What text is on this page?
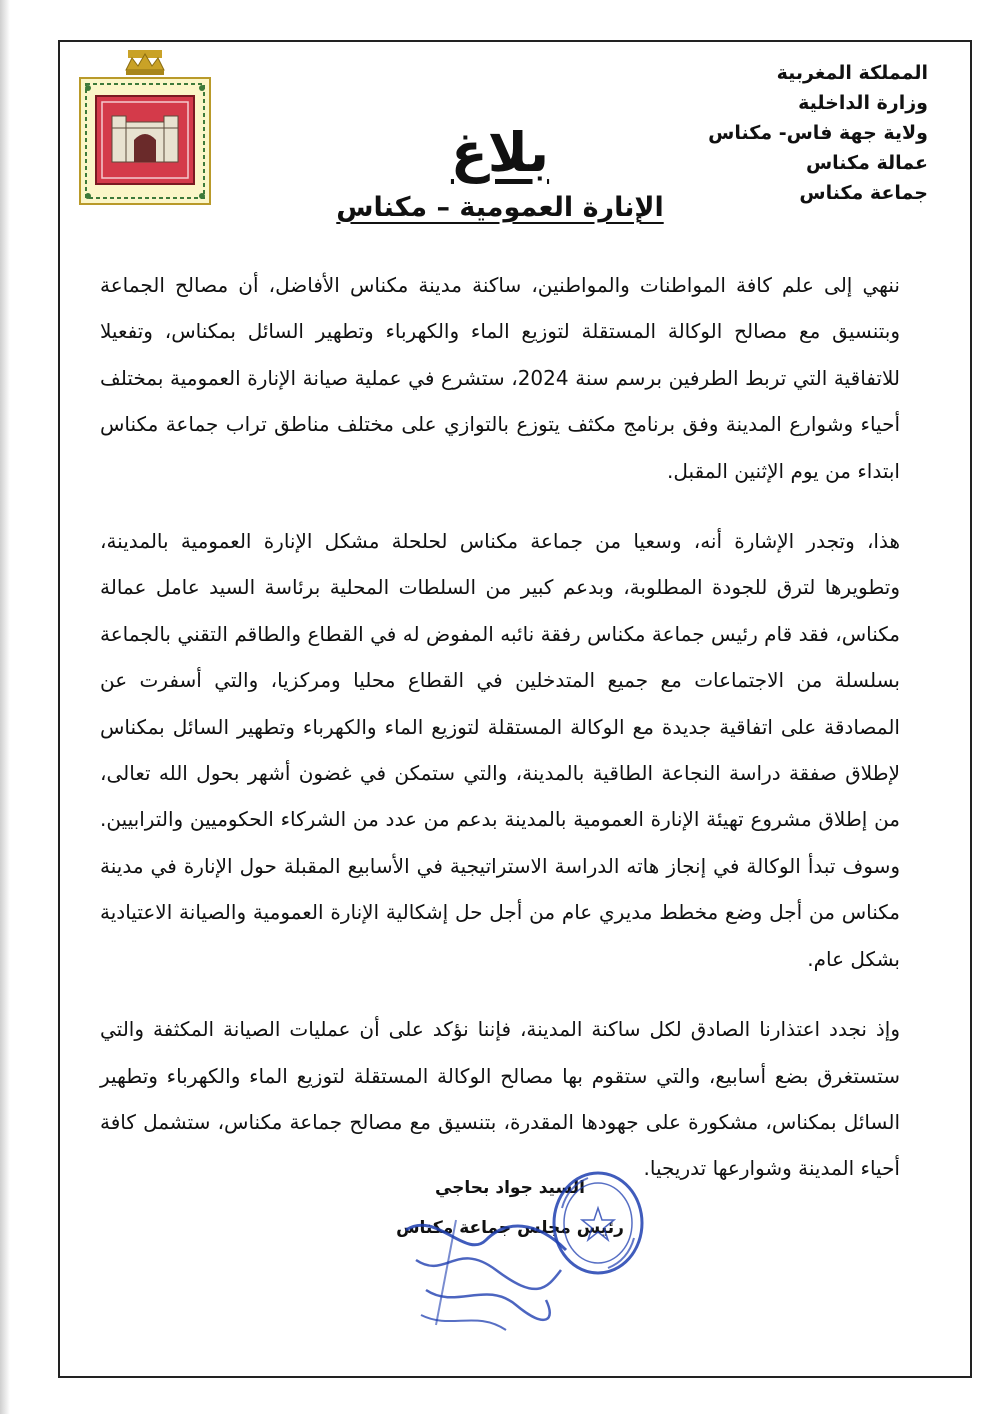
المملكة المغربية
وزارة الداخلية
ولاية جهة فاس- مكناس
عمالة مكناس
جماعة مكناس
بلاغ
الإنارة العمومية – مكناس

ننهي إلى علم كافة المواطنات والمواطنين، ساكنة مدينة مكناس الأفاضل، أن مصالح الجماعة وبتنسيق مع مصالح الوكالة المستقلة لتوزيع الماء والكهرباء وتطهير السائل بمكناس، وتفعيلا للاتفاقية التي تربط الطرفين برسم سنة 2024، ستشرع في عملية صيانة الإنارة العمومية بمختلف أحياء وشوارع المدينة وفق برنامج مكثف يتوزع بالتوازي على مختلف مناطق تراب جماعة مكناس ابتداء من يوم الإثنين المقبل.

هذا، وتجدر الإشارة أنه، وسعيا من جماعة مكناس لحلحلة مشكل الإنارة العمومية بالمدينة، وتطويرها لترق للجودة المطلوبة، وبدعم كبير من السلطات المحلية برئاسة السيد عامل عمالة مكناس، فقد قام رئيس جماعة مكناس رفقة نائبه المفوض له في القطاع والطاقم التقني بالجماعة بسلسلة من الاجتماعات مع جميع المتدخلين في القطاع محليا ومركزيا، والتي أسفرت عن المصادقة على اتفاقية جديدة مع الوكالة المستقلة لتوزيع الماء والكهرباء وتطهير السائل بمكناس لإطلاق صفقة دراسة النجاعة الطاقية بالمدينة، والتي ستمكن في غضون أشهر بحول الله تعالى، من إطلاق مشروع تهيئة الإنارة العمومية بالمدينة بدعم من عدد من الشركاء الحكوميين والترابيين. وسوف تبدأ الوكالة في إنجاز هاته الدراسة الاستراتيجية في الأسابيع المقبلة حول الإنارة في مدينة مكناس من أجل وضع مخطط مديري عام من أجل حل إشكالية الإنارة العمومية والصيانة الاعتيادية بشكل عام.

وإذ نجدد اعتذارنا الصادق لكل ساكنة المدينة، فإننا نؤكد على أن عمليات الصيانة المكثفة والتي ستستغرق بضع أسابيع، والتي ستقوم بها مصالح الوكالة المستقلة لتوزيع الماء والكهرباء وتطهير السائل بمكناس، مشكورة على جهودها المقدرة، بتنسيق مع مصالح جماعة مكناس، ستشمل كافة أحياء المدينة وشوارعها تدريجيا.

السيد جواد بحاجي
رئيس مجلس جماعة مكناس
